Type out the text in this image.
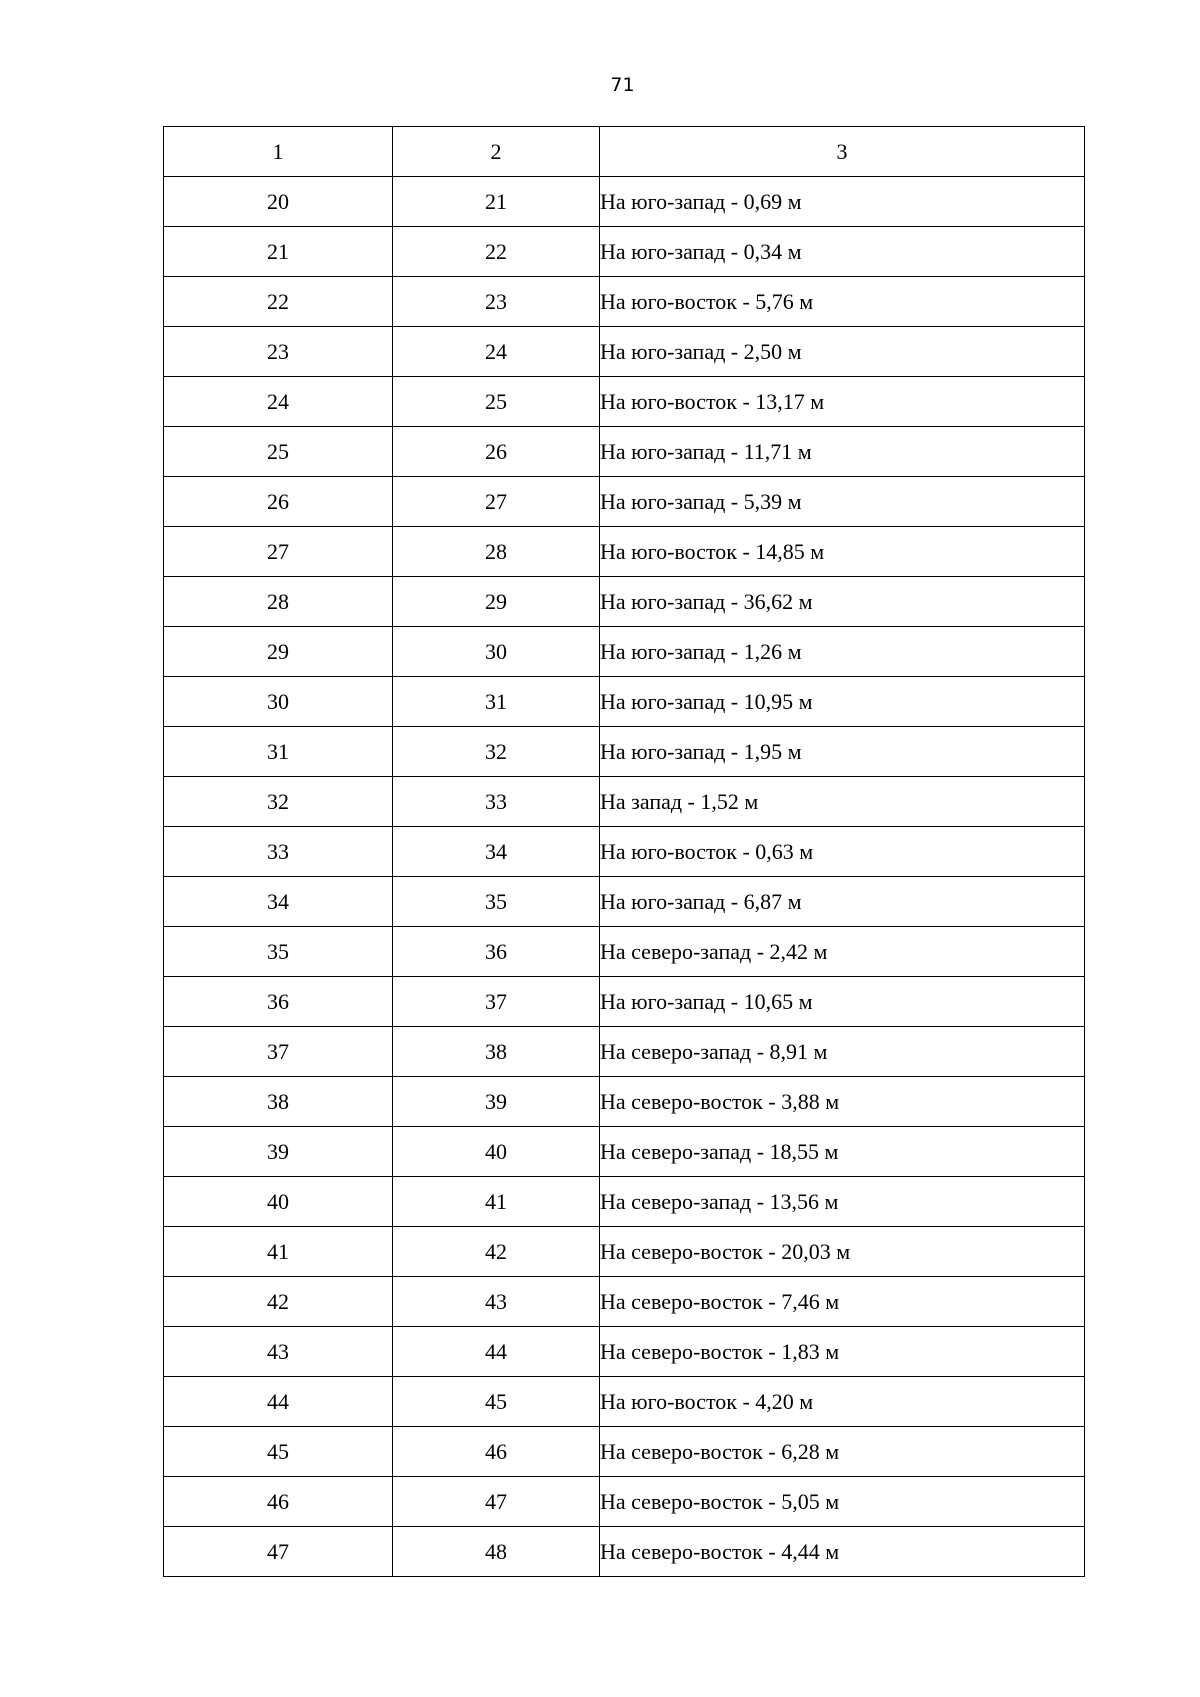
71
1	2	3
20	21	На юго-запад - 0,69 м
21	22	На юго-запад - 0,34 м
22	23	На юго-восток - 5,76 м
23	24	На юго-запад - 2,50 м
24	25	На юго-восток - 13,17 м
25	26	На юго-запад - 11,71 м
26	27	На юго-запад - 5,39 м
27	28	На юго-восток - 14,85 м
28	29	На юго-запад - 36,62 м
29	30	На юго-запад - 1,26 м
30	31	На юго-запад - 10,95 м
31	32	На юго-запад - 1,95 м
32	33	На запад - 1,52 м
33	34	На юго-восток - 0,63 м
34	35	На юго-запад - 6,87 м
35	36	На северо-запад - 2,42 м
36	37	На юго-запад - 10,65 м
37	38	На северо-запад - 8,91 м
38	39	На северо-восток - 3,88 м
39	40	На северо-запад - 18,55 м
40	41	На северо-запад - 13,56 м
41	42	На северо-восток - 20,03 м
42	43	На северо-восток - 7,46 м
43	44	На северо-восток - 1,83 м
44	45	На юго-восток - 4,20 м
45	46	На северо-восток - 6,28 м
46	47	На северо-восток - 5,05 м
47	48	На северо-восток - 4,44 м
